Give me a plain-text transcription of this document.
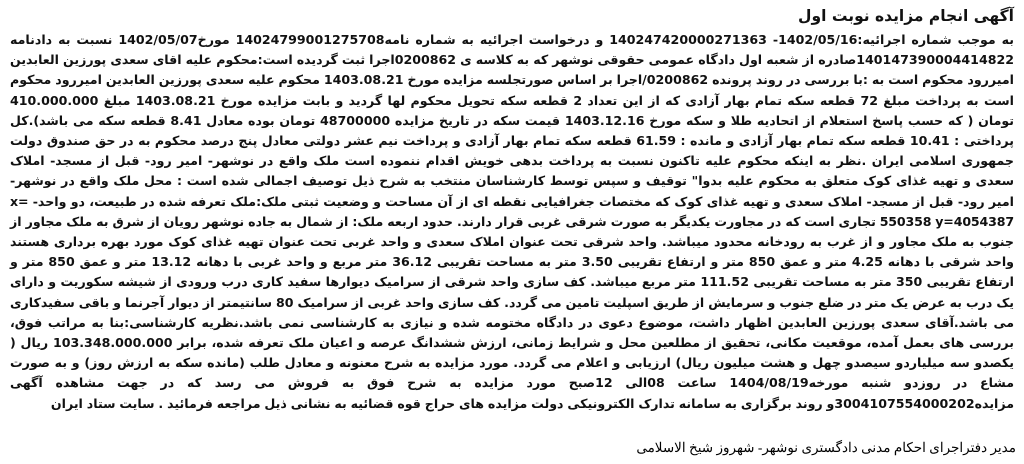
آگهی انجام مزایده نوبت اول
به موجب شماره اجرائیه:1402/05/16- 140247420000271363 و درخواست اجرائیه به شماره نامه14024799001275708 مورخ1402/05/07 نسبت به دادنامه 140147390004414822صادره از شعبه اول دادگاه عمومی حقوقی نوشهر که به کلاسه ی 0200862اجرا ثبت گردیده است:محکوم علیه اقای سعدی پورزین العابدین امیررود محکوم است به :با بررسی در روند پرونده 0200862/اجرا بر اساس صورتجلسه مزایده مورخ 1403.08.21 محکوم علیه سعدی پورزین العابدین امیررود محکوم است به پرداخت مبلغ 72 قطعه سکه تمام بهار آزادی که از این تعداد 2 قطعه سکه تحویل محکوم لها گردید و بابت مزایده مورخ 1403.08.21 مبلغ 410.000.000 تومان ( که حسب پاسخ استعلام از اتحادیه طلا و سکه مورخ 1403.12.16 قیمت سکه در تاریخ مزایده 48700000 تومان بوده معادل 8.41 قطعه سکه می باشد).کل پرداختی : 10.41 قطعه سکه تمام بهار آزادی و مانده : 61.59 قطعه سکه تمام بهار آزادی و پرداخت نیم عشر دولتی معادل پنج درصد محکوم به در حق صندوق دولت جمهوری اسلامی ایران .نظر به اینکه محکوم علیه تاکنون نسبت به پرداخت بدهی خویش اقدام ننموده است ملک واقع در نوشهر- امیر رود- قبل از مسجد- املاک سعدی و تهیه غذای کوک متعلق به محکوم علیه بدوا" توقیف و سپس توسط کارشناسان منتخب به شرح ذیل توصیف اجمالی شده است : محل ملک واقع در نوشهر- امیر رود- قبل از مسجد- املاک سعدی و تهیه غذای کوک که مختصات جغرافیایی نقطه ای از آن مساحت و وضعیت ثبتی ملک:ملک تعرفه شده در طبیعت، دو واحد- x= 550358 y=4054387 تجاری است که در مجاورت یکدیگر به صورت شرقی غربی قرار دارند. حدود اربعه ملک: از شمال به جاده نوشهر رویان از شرق به ملک مجاور از جنوب به ملک مجاور و از غرب به رودخانه محدود میباشد. واحد شرقی تحت عنوان املاک سعدی و واحد غربی تحت عنوان تهیه غذای کوک مورد بهره برداری هستند واحد شرقی با دهانه 4.25 متر و عمق 850 متر و ارتفاع تقریبی 3.50 متر به مساحت تقریبی 36.12 متر مربع و واحد غربی با دهانه 13.12 متر و عمق 850 متر و ارتفاع تقریبی 350 متر به مساحت تقریبی 111.52 متر مربع میباشد. کف سازی واحد شرقی از سرامیک دیوارها سفید کاری درب ورودی از شیشه سکوریت و دارای یک درب به عرض یک متر در ضلع جنوب و سرمایش از طریق اسپلیت تامین می گردد. کف سازی واحد غربی از سرامیک 80 سانتیمتر از دیوار آجرنما و باقی سفیدکاری می باشد.آقای سعدی پورزین العابدین اظهار داشت، موضوع دعوی در دادگاه مختومه شده و نیازی به کارشناسی نمی باشد.نظریه کارشناسی:بنا به مراتب فوق، بررسی های بعمل آمده، موقعیت مکانی، تحقیق از مطلعین محل و شرایط زمانی، ارزش ششدانگ عرصه و اعیان ملک تعرفه شده، برابر 103.348.000.000 ریال ( یکصدو سه میلیاردو سیصدو چهل و هشت میلیون ریال) ارزیابی و اعلام می گردد. مورد مزایده به شرح معنونه و معادل طلب (مانده سکه به ارزش روز) و به صورت مشاع در روزدو شنبه مورخه1404/08/19 ساعت 08الی 12صبح مورد مزایده به شرح فوق به فروش می رسد که در جهت مشاهده آگهی مزایده3004107554000202و روند برگزاری به سامانه تدارک الکترونیکی دولت مزایده های حراج قوه قضائیه به نشانی ذیل مراجعه فرمائید . سایت ستاد ایران
مدیر دفتراجرای احکام مدنی دادگستری نوشهر- شهروز شیخ الاسلامی
